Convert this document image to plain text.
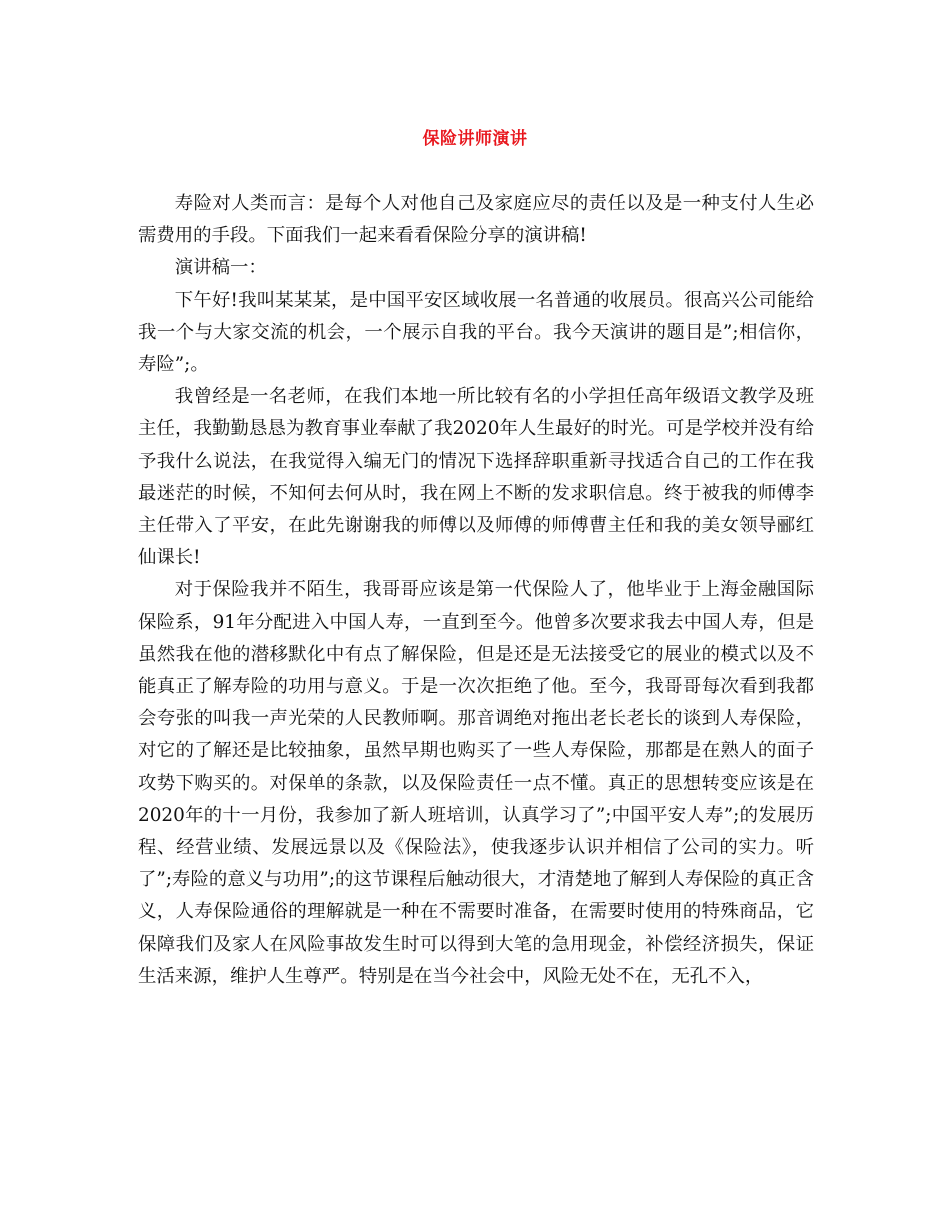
保险讲师演讲

寿险对人类而言：是每个人对他自己及家庭应尽的责任以及是一种支付人生必需费用的手段。下面我们一起来看看保险分享的演讲稿!

演讲稿一：

下午好!我叫某某某，是中国平安区域收展一名普通的收展员。很高兴公司能给我一个与大家交流的机会，一个展示自我的平台。我今天演讲的题目是”;相信你，寿险”;。

我曾经是一名老师，在我们本地一所比较有名的小学担任高年级语文教学及班主任，我勤勤恳恳为教育事业奉献了我2020年人生最好的时光。可是学校并没有给予我什么说法，在我觉得入编无门的情况下选择辞职重新寻找适合自己的工作在我最迷茫的时候，不知何去何从时，我在网上不断的发求职信息。终于被我的师傅李主任带入了平安，在此先谢谢我的师傅以及师傅的师傅曹主任和我的美女领导郦红仙课长!

对于保险我并不陌生，我哥哥应该是第一代保险人了，他毕业于上海金融国际保险系，91年分配进入中国人寿，一直到至今。他曾多次要求我去中国人寿，但是虽然我在他的潜移默化中有点了解保险，但是还是无法接受它的展业的模式以及不能真正了解寿险的功用与意义。于是一次次拒绝了他。至今，我哥哥每次看到我都会夸张的叫我一声光荣的人民教师啊。那音调绝对拖出老长老长的谈到人寿保险，对它的了解还是比较抽象，虽然早期也购买了一些人寿保险，那都是在熟人的面子攻势下购买的。对保单的条款，以及保险责任一点不懂。真正的思想转变应该是在2020年的十一月份，我参加了新人班培训，认真学习了”;中国平安人寿”;的发展历程、经营业绩、发展远景以及《保险法》，使我逐步认识并相信了公司的实力。听了”;寿险的意义与功用”;的这节课程后触动很大，才清楚地了解到人寿保险的真正含义，人寿保险通俗的理解就是一种在不需要时准备，在需要时使用的特殊商品，它保障我们及家人在风险事故发生时可以得到大笔的急用现金，补偿经济损失，保证生活来源，维护人生尊严。特别是在当今社会中，风险无处不在，无孔不入，
